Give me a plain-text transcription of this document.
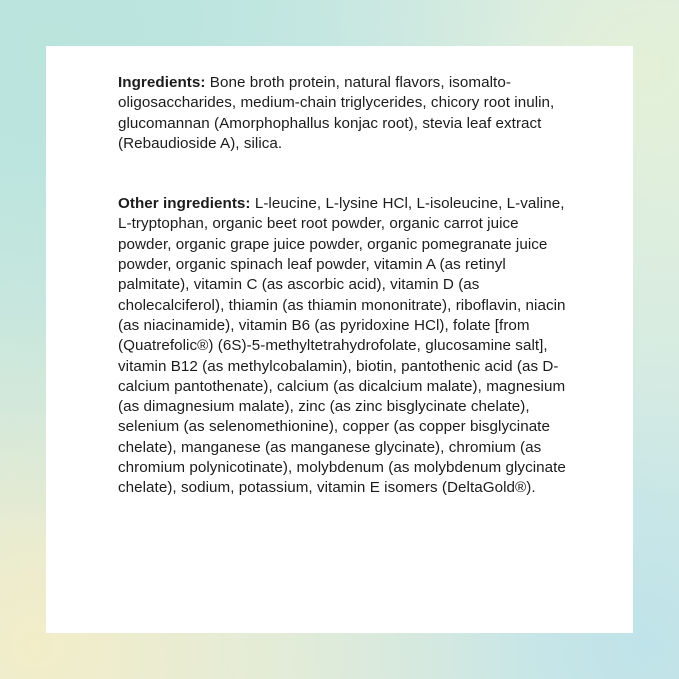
Ingredients: Bone broth protein, natural flavors, isomalto-oligosaccharides, medium-chain triglycerides, chicory root inulin, glucomannan (Amorphophallus konjac root), stevia leaf extract (Rebaudioside A), silica.

Other ingredients: L-leucine, L-lysine HCl, L-isoleucine, L-valine, L-tryptophan, organic beet root powder, organic carrot juice powder, organic grape juice powder, organic pomegranate juice powder, organic spinach leaf powder, vitamin A (as retinyl palmitate), vitamin C (as ascorbic acid), vitamin D (as cholecalciferol), thiamin (as thiamin mononitrate), riboflavin, niacin (as niacinamide), vitamin B6 (as pyridoxine HCl), folate [from (Quatrefolic®) (6S)-5-methyltetrahydrofolate, glucosamine salt], vitamin B12 (as methylcobalamin), biotin, pantothenic acid (as D-calcium pantothenate), calcium (as dicalcium malate), magnesium (as dimagnesium malate), zinc (as zinc bisglycinate chelate), selenium (as selenomethionine), copper (as copper bisglycinate chelate), manganese (as manganese glycinate), chromium (as chromium polynicotinate), molybdenum (as molybdenum glycinate chelate), sodium, potassium, vitamin E isomers (DeltaGold®).
